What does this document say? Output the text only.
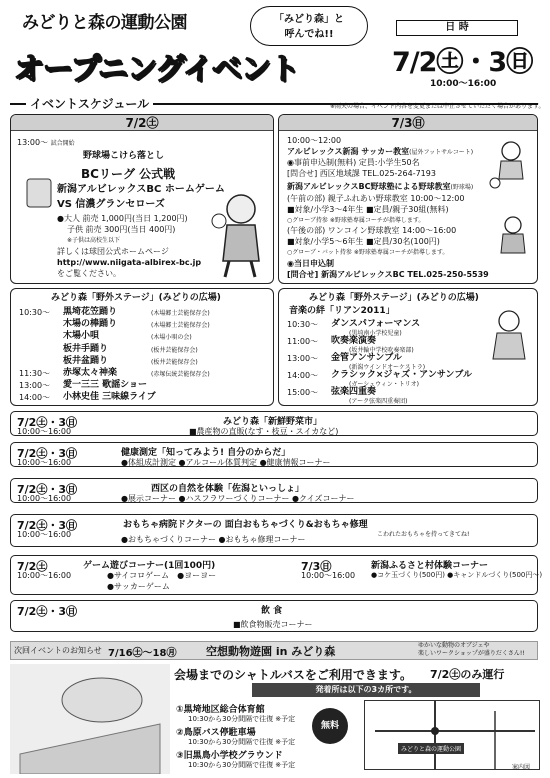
みどりと森の運動公園
オープニングイベント
「みどり森」と
呼んでね!!
日 時
7/2㊏・3㊐
10:00～16:00
イベントスケジュール	※雨天の場合、イベント内容を変更または中止させていただく場合があります。
7/2㊏
13:00～ 試合開始
野球場こけら落とし
BCリーグ 公式戦
新潟アルビレックスBC ホームゲーム
VS 信濃グランセローズ
●大人 前売 1,000円(当日 1,200円)
子供 前売 300円(当日 400円)
※子供は高校生以下
詳しくは球団公式ホームページ
http://www.niigata-albirex-bc.jp
をご覧ください。
7/3㊐
10:00～12:00
アルビレックス新潟 サッカー教室(屋外フットサルコート)
◉事前申込制(無料) 定員:小学生50名
[問合せ] 西区地域課 TEL.025-264-7193
新潟アルビレックスBC野球塾による野球教室(野球場)
(午前の部) 親子ふれあい野球教室 10:00～12:00
■対象/小学3～4年生 ■定員/親子30組(無料)
○グローブ持参 ※野球塾専属コーチが指導します。
(午後の部) ワンコイン野球教室 14:00～16:00
■対象/小学5～6年生 ■定員/30名(100円)
○グローブ・バット持参 ※野球塾専属コーチが指導します。
◉当日申込制
[問合せ] 新潟アルビレックスBC TEL.025-250-5539
みどり森「野外ステージ」(みどりの広場)
10:30～ 黒埼花笠踊り	(木場郷土芸能保存会)
木場の棒踊り	(木場郷土芸能保存会)
木場小唄	(木場小唄の会)
板井手踊り	(板井芸能保存会)
板井盆踊り	(板井芸能保存会)
11:30～ 赤塚太々神楽	(赤塚伝統芸能保存会)
13:00～ 愛一三三 歌謡ショー
14:00～ 小林史佳 三味線ライブ
みどり森「野外ステージ」(みどりの広場)
音楽の絆「リアン2011」
10:30～ ダンスパフォーマンス
(黒埼南小学校児童)
11:00～ 吹奏楽演奏
(坂井輪中学校吹奏楽部)
13:00～ 金管アンサンブル
(新潟ウインドオーケストラ)
14:00～ クラシック×ジャズ・アンサンブル
(ガーシュウィン・トリオ)
15:00～ 弦楽四重奏
(アーク弦楽四重奏団)
7/2㊏・3㊐
10:00～16:00
みどり森「新鮮野菜市」
■農産物の直販(なす・枝豆・スイカなど)
7/2㊏・3㊐
10:00～16:00
健康測定「知ってみよう! 自分のからだ」
●体組成計測定 ●アルコール体質判定 ●健康情報コーナー
7/2㊏・3㊐
10:00～16:00
西区の自然を体験「佐潟といっしょ」
●展示コーナー ●ハスフラワーづくりコーナー ●クイズコーナー
7/2㊏・3㊐
10:00～16:00
おもちゃ病院ドクターの 面白おもちゃづくり&おもちゃ修理
●おもちゃづくりコーナー ●おもちゃ修理コーナー
こわれたおもちゃを持ってきてね!
7/2㊏
10:00～16:00
ゲーム遊びコーナー(1回100円)
●サイコロゲーム　●ヨーヨー
7/3㊐
10:00～16:00
新潟ふるさと村体験コーナー
●コケ玉づくり(500円) ●キャンドルづくり(500円～)
●サッカーゲーム
7/2㊏・3㊐	飲 食
■飲食物販売コーナー
次回イベントのお知らせ 7/16㊏～18㊊	空想動物遊園 in みどり森	ゆかいな動物のオブジェや
楽しいワークショップが盛りだくさん!!
会場までのシャトルバスをご利用できます。 7/2㊏のみ運行
発着所は以下の3カ所です。
①黒埼地区総合体育館
10:30から30分間隔で往復 ※予定
②鳥原バス停駐車場
10:30から30分間隔で往復 ※予定
③旧黒鳥小学校グラウンド
10:30から30分間隔で往復 ※予定
無料
みどりと森の運動公園
案内図
